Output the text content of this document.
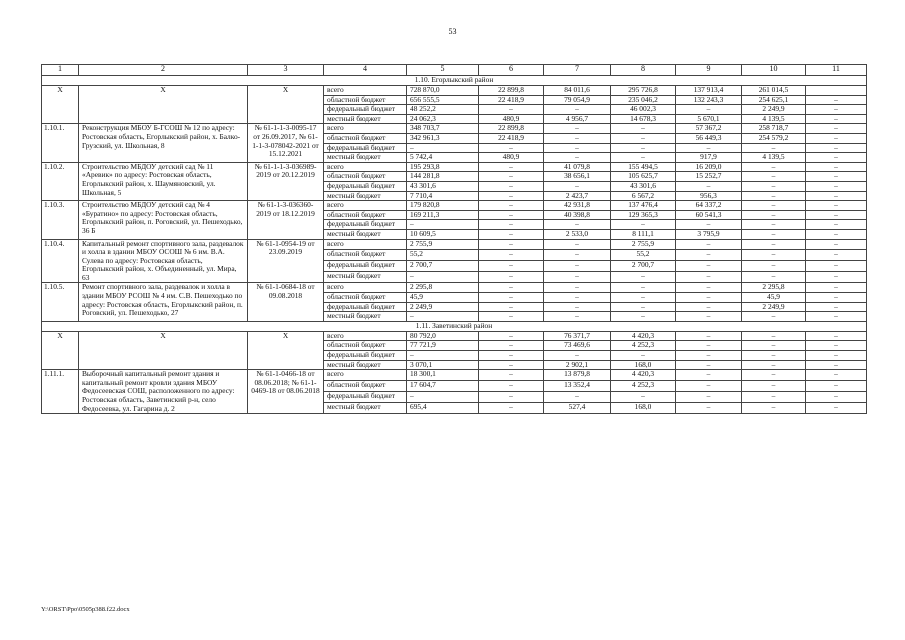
53
1	2	3	4	5	6	7	8	9	10	11
1.10. Егорлыкский район										
X	X	X	всего	728 870,0	22 899,8	84 011,6	295 726,8	137 913,4	261 014,5	
			областной бюджет	656 555,5	22 418,9	79 054,9	235 046,2	132 243,3	254 625,1	–
			федеральный бюджет	48 252,2	–	–	46 002,3	–	2 249,9	–
			местный бюджет	24 062,3	480,9	4 956,7	14 678,3	5 670,1	4 139,5	–
1.10.1.	Реконструкция МБОУ Б-ГСОШ № 12 по адресу: Ростовская область, Егорлыкский район, х. Балко-Грузский, ул. Школьная, 8	№ 61-1-1-3-0095-17 от 26.09.2017, № 61-1-1-3-078042-2021 от 15.12.2021	всего	348 703,7	22 899,8	–	–	57 367,2	258 718,7	–
			областной бюджет	342 961,3	22 418,9	–	–	56 449,3	254 579,2	–
			федеральный бюджет	–	–	–	–	–	–	–
			местный бюджет	5 742,4	480,9	–	–	917,9	4 139,5	–
1.10.2.	Строительство МБДОУ детский сад № 11 «Аревик» по адресу: Ростовская область, Егорлыкский район, х. Шаумяновский, ул. Школьная, 5	№ 61-1-1-3-036989-2019 от 20.12.2019	всего	195 293,8	–	41 079,8	155 494,5	16 209,0	–	–
			областной бюджет	144 281,8	–	38 656,1	105 625,7	15 252,7	–	–
			федеральный бюджет	43 301,6	–	–	43 301,6	–	–	–
			местный бюджет	7 710,4	–	2 423,7	6 567,2	956,3	–	–
1.10.3.	Строительство МБДОУ детский сад № 4 «Буратино» по адресу: Ростовская область, Егорлыкский район, п. Роговский, ул. Пешеходько, 36 Б	№ 61-1-3-036360-2019 от 18.12.2019	всего	179 820,8	–	42 931,8	137 476,4	64 337,2	–	–
			областной бюджет	169 211,3	–	40 398,8	129 365,3	60 541,3	–	–
			федеральный бюджет	–	–	–	–	–	–	–
			местный бюджет	10 609,5	–	2 533,0	8 111,1	3 795,9	–	–
1.10.4.	Капитальный ремонт спортивного зала, раздевалок и холла в здании МБОУ ОСОШ № 6 им. В.А. Сулева по адресу: Ростовская область, Егорлыкский район, х. Объединенный, ул. Мира, 63	№ 61-1-0954-19 от 23.09.2019	всего	2 755,9	–	–	2 755,9	–	–	–
			областной бюджет	55,2	–	–	55,2	–	–	–
			федеральный бюджет	2 700,7	–	–	2 700,7	–	–	–
			местный бюджет	–	–	–	–	–	–	–
1.10.5.	Ремонт спортивного зала, раздевалок и холла в здании МБОУ РСОШ № 4 им. С.В. Пешеходько по адресу: Ростовская область, Егорлыкский район, п. Роговский, ул. Пешеходько, 27	№ 61-1-0684-18 от 09.08.2018	всего	2 295,8	–	–	–	–	2 295,8	–
			областной бюджет	45,9	–	–	–	–	45,9	–
			федеральный бюджет	2 249,9	–	–	–	–	2 249,9	–
			местный бюджет	–	–	–	–	–	–	–
1.11. Заветинский район										
X	X	X	всего	80 792,0	–	76 371,7	4 420,3	–	–	–
			областной бюджет	77 721,9	–	73 469,6	4 252,3	–	–	–
			федеральный бюджет	–	–	–	–	–	–	–
			местный бюджет	3 070,1	–	2 902,1	168,0	–	–	–
1.11.1.	Выборочный капитальный ремонт здания и капитальный ремонт кровли здания МБОУ Федосеевская СОШ, расположенного по адресу: Ростовская область, Заветинский р-н, село Федосеевка, ул. Гагарина д. 2	№ 61-1-0466-18 от 08.06.2018; № 61-1-0469-18 от 08.06.2018	всего	18 300,1	–	13 879,8	4 420,3	–	–	–
			областной бюджет	17 604,7	–	13 352,4	4 252,3	–	–	–
			федеральный бюджет	–	–	–	–	–	–	–
			местный бюджет	695,4	–	527,4	168,0	–	–	–
Y:\ORST\Ppo\0505p388.f22.docx
